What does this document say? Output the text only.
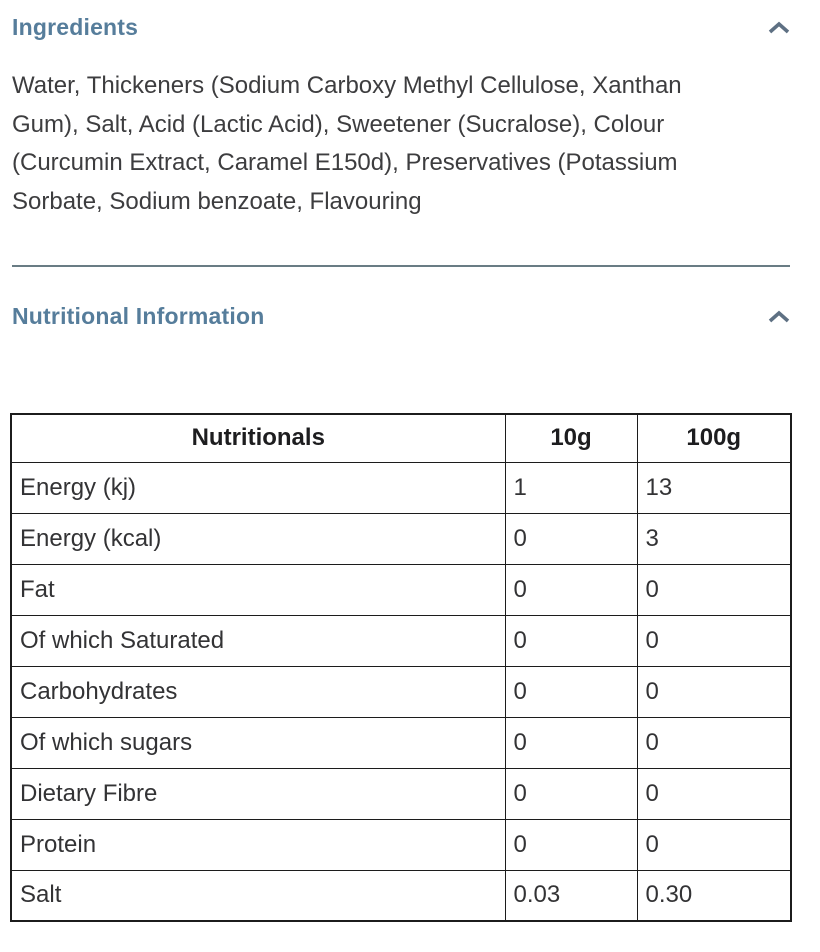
Ingredients

Water, Thickeners (Sodium Carboxy Methyl Cellulose, Xanthan Gum), Salt, Acid (Lactic Acid), Sweetener (Sucralose), Colour (Curcumin Extract, Caramel E150d), Preservatives (Potassium Sorbate, Sodium benzoate, Flavouring

Nutritional Information
Nutritionals	10g	100g
Energy (kj)	1	13
Energy (kcal)	0	3
Fat	0	0
Of which Saturated	0	0
Carbohydrates	0	0
Of which sugars	0	0
Dietary Fibre	0	0
Protein	0	0
Salt	0.03	0.30
